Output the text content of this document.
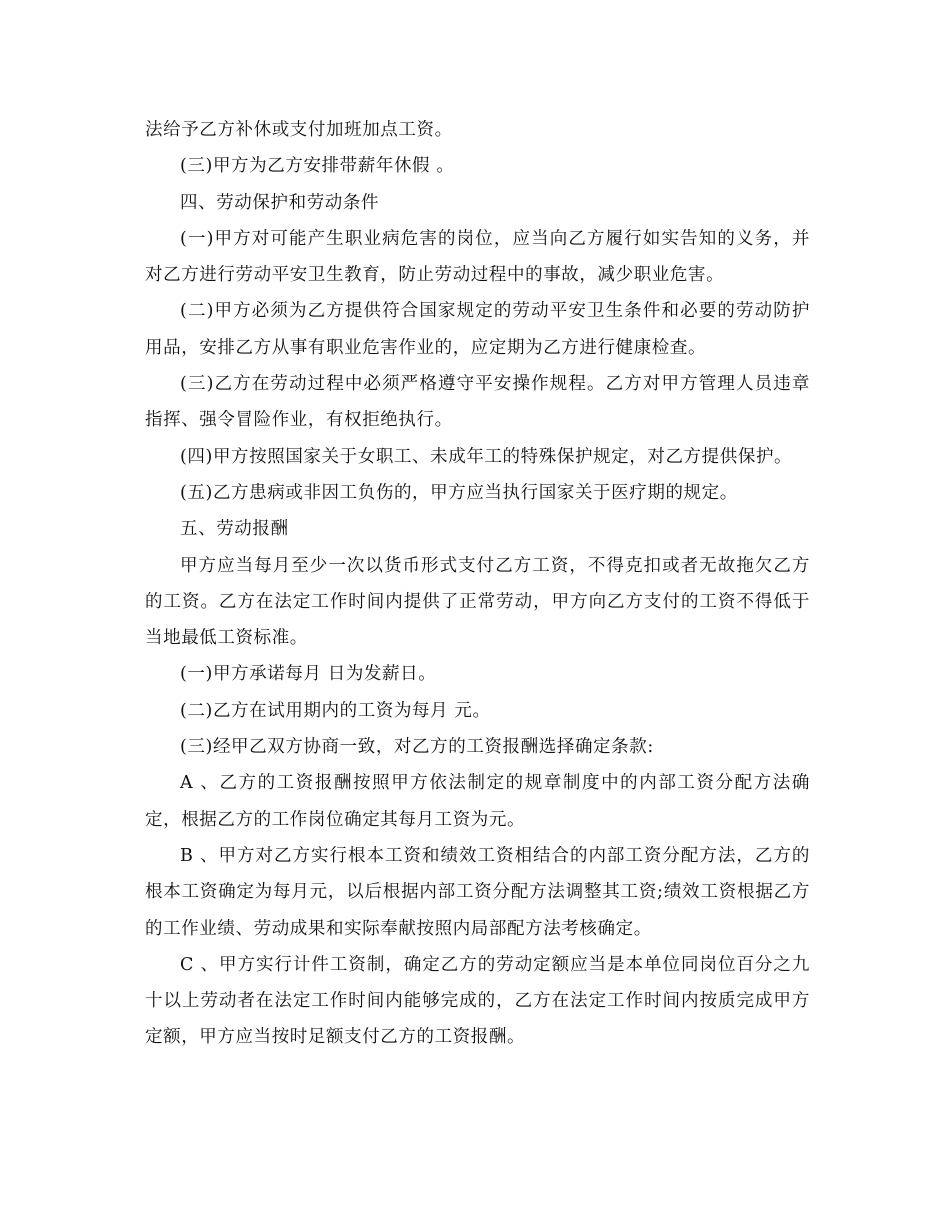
法给予乙方补休或支付加班加点工资。

(三)甲方为乙方安排带薪年休假 。

四、劳动保护和劳动条件

(一)甲方对可能产生职业病危害的岗位，应当向乙方履行如实告知的义务，并对乙方进行劳动平安卫生教育，防止劳动过程中的事故，减少职业危害。

(二)甲方必须为乙方提供符合国家规定的劳动平安卫生条件和必要的劳动防护用品，安排乙方从事有职业危害作业的，应定期为乙方进行健康检查。

(三)乙方在劳动过程中必须严格遵守平安操作规程。乙方对甲方管理人员违章指挥、强令冒险作业，有权拒绝执行。

(四)甲方按照国家关于女职工、未成年工的特殊保护规定，对乙方提供保护。

(五)乙方患病或非因工负伤的，甲方应当执行国家关于医疗期的规定。

五、劳动报酬

甲方应当每月至少一次以货币形式支付乙方工资，不得克扣或者无故拖欠乙方的工资。乙方在法定工作时间内提供了正常劳动，甲方向乙方支付的工资不得低于当地最低工资标准。

(一)甲方承诺每月 日为发薪日。

(二)乙方在试用期内的工资为每月 元。

(三)经甲乙双方协商一致，对乙方的工资报酬选择确定条款:

A 、乙方的工资报酬按照甲方依法制定的规章制度中的内部工资分配方法确定，根据乙方的工作岗位确定其每月工资为元。

B 、甲方对乙方实行根本工资和绩效工资相结合的内部工资分配方法，乙方的根本工资确定为每月元，以后根据内部工资分配方法调整其工资;绩效工资根据乙方的工作业绩、劳动成果和实际奉献按照内局部配方法考核确定。

C 、甲方实行计件工资制，确定乙方的劳动定额应当是本单位同岗位百分之九十以上劳动者在法定工作时间内能够完成的，乙方在法定工作时间内按质完成甲方定额，甲方应当按时足额支付乙方的工资报酬。
